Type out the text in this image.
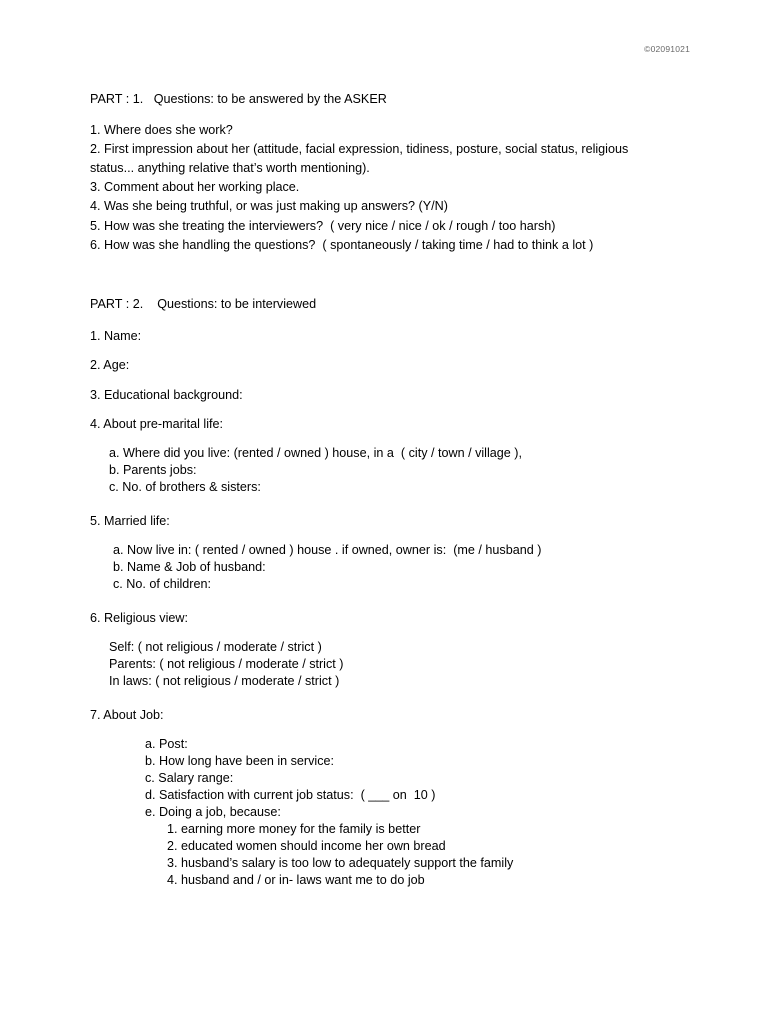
©02091021
PART : 1.   Questions: to be answered by the ASKER
1. Where does she work?
2. First impression about her (attitude, facial expression, tidiness, posture, social status, religious
status... anything relative that’s worth mentioning).
3. Comment about her working place.
4. Was she being truthful, or was just making up answers? (Y/N)
5. How was she treating the interviewers?  ( very nice / nice / ok / rough / too harsh)
6. How was she handling the questions?  ( spontaneously / taking time / had to think a lot )
PART : 2.    Questions: to be interviewed
1. Name:
2. Age:
3. Educational background:
4. About pre-marital life:
a. Where did you live: (rented / owned ) house, in a  ( city / town / village ),
b. Parents jobs:
c. No. of brothers & sisters:
5. Married life:
a. Now live in: ( rented / owned ) house . if owned, owner is:  (me / husband )
b. Name & Job of husband:
c. No. of children:
6. Religious view:
Self: ( not religious / moderate / strict )
Parents: ( not religious / moderate / strict )
In laws: ( not religious / moderate / strict )
7. About Job:
a. Post:
b. How long have been in service:
c. Salary range:
d. Satisfaction with current job status:  ( ___ on  10 )
e. Doing a job, because:
1. earning more money for the family is better
2. educated women should income her own bread
3. husband’s salary is too low to adequately support the family
4. husband and / or in- laws want me to do job
